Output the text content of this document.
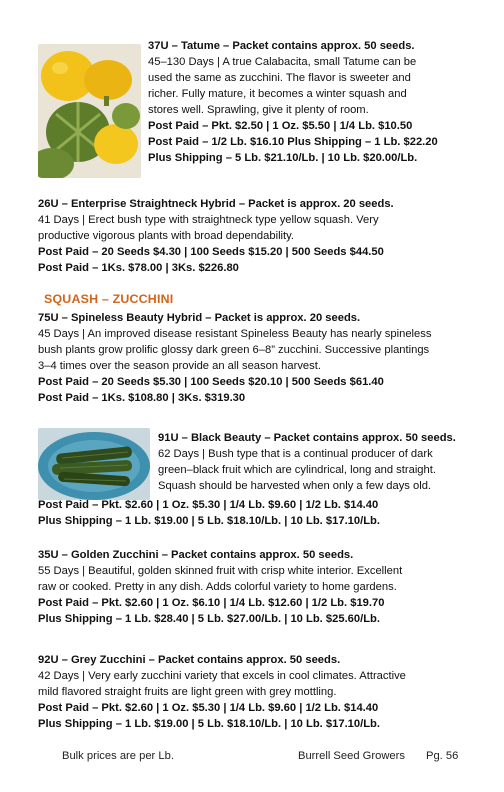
37U – Tatume – Packet contains approx. 50 seeds.

45–130 Days | A true Calabacita, small Tatume can be

used the same as zucchini. The flavor is sweeter and

richer. Fully mature, it becomes a winter squash and

stores well. Sprawling, give it plenty of room.

Post Paid – Pkt. $2.50 | 1 Oz. $5.50 | 1/4 Lb. $10.50

Post Paid – 1/2 Lb. $16.10 Plus Shipping – 1 Lb. $22.20

Plus Shipping – 5 Lb. $21.10/Lb. | 10 Lb. $20.00/Lb.

26U – Enterprise Straightneck Hybrid – Packet is approx. 20 seeds.

41 Days | Erect bush type with straightneck type yellow squash. Very

productive vigorous plants with broad dependability.

Post Paid – 20 Seeds $4.30 | 100 Seeds $15.20 | 500 Seeds $44.50

Post Paid – 1Ks. $78.00 | 3Ks. $226.80

SQUASH – ZUCCHINI

75U – Spineless Beauty Hybrid – Packet is approx. 20 seeds.

45 Days | An improved disease resistant Spineless Beauty has nearly spineless

bush plants grow prolific glossy dark green 6–8” zucchini. Successive plantings

3–4 times over the season provide an all season harvest.

Post Paid – 20 Seeds $5.30 | 100 Seeds $20.10 | 500 Seeds $61.40

Post Paid – 1Ks. $108.80 | 3Ks. $319.30

91U – Black Beauty – Packet contains approx. 50 seeds.

62 Days | Bush type that is a continual producer of dark

green–black fruit which are cylindrical, long and straight.

Squash should be harvested when only a few days old.

Post Paid – Pkt. $2.60 | 1 Oz. $5.30 | 1/4 Lb. $9.60 | 1/2 Lb. $14.40

Plus Shipping – 1 Lb. $19.00 | 5 Lb. $18.10/Lb. | 10 Lb. $17.10/Lb.

35U – Golden Zucchini – Packet contains approx. 50 seeds.

55 Days | Beautiful, golden skinned fruit with crisp white interior. Excellent

raw or cooked. Pretty in any dish. Adds colorful variety to home gardens.

Post Paid – Pkt. $2.60 | 1 Oz. $6.10 | 1/4 Lb. $12.60 | 1/2 Lb. $19.70

Plus Shipping – 1 Lb. $28.40 | 5 Lb. $27.00/Lb. | 10 Lb. $25.60/Lb.

92U – Grey Zucchini – Packet contains approx. 50 seeds.

42 Days | Very early zucchini variety that excels in cool climates. Attractive

mild flavored straight fruits are light green with grey mottling.

Post Paid – Pkt. $2.60 | 1 Oz. $5.30 | 1/4 Lb. $9.60 | 1/2 Lb. $14.40

Plus Shipping – 1 Lb. $19.00 | 5 Lb. $18.10/Lb. | 10 Lb. $17.10/Lb.

Bulk prices are per Lb.	Burrell Seed Growers Pg. 56
